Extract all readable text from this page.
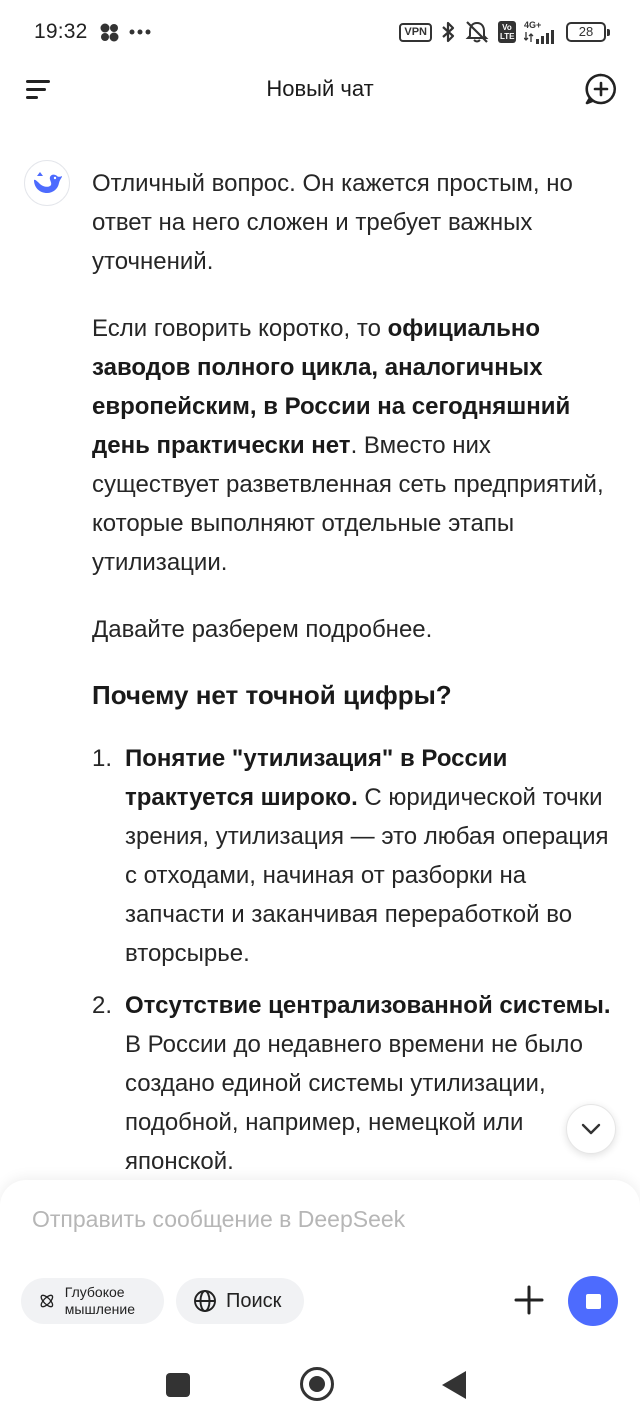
19:32	VPN	Vo LTE
4G+	28
Новый чат

Отличный вопрос. Он кажется простым, но ответ на него сложен и требует важных уточнений.

Если говорить коротко, то официально заводов полного цикла, аналогичных европейским, в России на сегодняшний день практически нет. Вместо них существует разветвленная сеть предприятий, которые выполняют отдельные этапы утилизации.

Давайте разберем подробнее.

Почему нет точной цифры?
1. Понятие "утилизация" в России трактуется широко. С юридической точки зрения, утилизация — это любая операция с отходами, начиная от разборки на запчасти и заканчивая переработкой во вторсырье.
2. Отсутствие централизованной системы. В России до недавнего времени не было создано единой системы утилизации, подобной, например, немецкой или японской.
Отправить сообщение в DeepSeek
Глубокое мышление	Поиск
